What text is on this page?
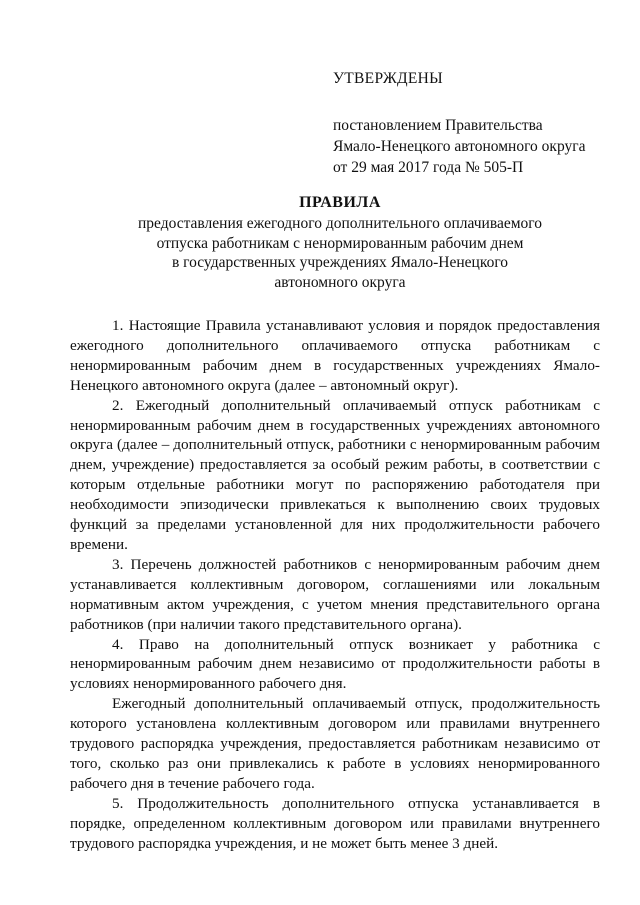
УТВЕРЖДЕНЫ
постановлением Правительства
Ямало-Ненецкого автономного округа
от 29 мая 2017 года № 505-П
ПРАВИЛА
предоставления ежегодного дополнительного оплачиваемого
отпуска работникам с ненормированным рабочим днем
в государственных учреждениях Ямало-Ненецкого
автономного округа

1. Настоящие Правила устанавливают условия и порядок предоставления ежегодного дополнительного оплачиваемого отпуска работникам с ненормированным рабочим днем в государственных учреждениях Ямало-Ненецкого автономного округа (далее – автономный округ).

2. Ежегодный дополнительный оплачиваемый отпуск работникам с ненормированным рабочим днем в государственных учреждениях автономного округа (далее – дополнительный отпуск, работники с ненормированным рабочим днем, учреждение) предоставляется за особый режим работы, в соответствии с которым отдельные работники могут по распоряжению работодателя при необходимости эпизодически привлекаться к выполнению своих трудовых функций за пределами установленной для них продолжительности рабочего времени.

3. Перечень должностей работников с ненормированным рабочим днем устанавливается коллективным договором, соглашениями или локальным нормативным актом учреждения, с учетом мнения представительного органа работников (при наличии такого представительного органа).

4. Право на дополнительный отпуск возникает у работника с ненормированным рабочим днем независимо от продолжительности работы в условиях ненормированного рабочего дня.

Ежегодный дополнительный оплачиваемый отпуск, продолжительность которого установлена коллективным договором или правилами внутреннего трудового распорядка учреждения, предоставляется работникам независимо от того, сколько раз они привлекались к работе в условиях ненормированного рабочего дня в течение рабочего года.

5. Продолжительность дополнительного отпуска устанавливается в порядке, определенном коллективным договором или правилами внутреннего трудового распорядка учреждения, и не может быть менее 3 дней.
